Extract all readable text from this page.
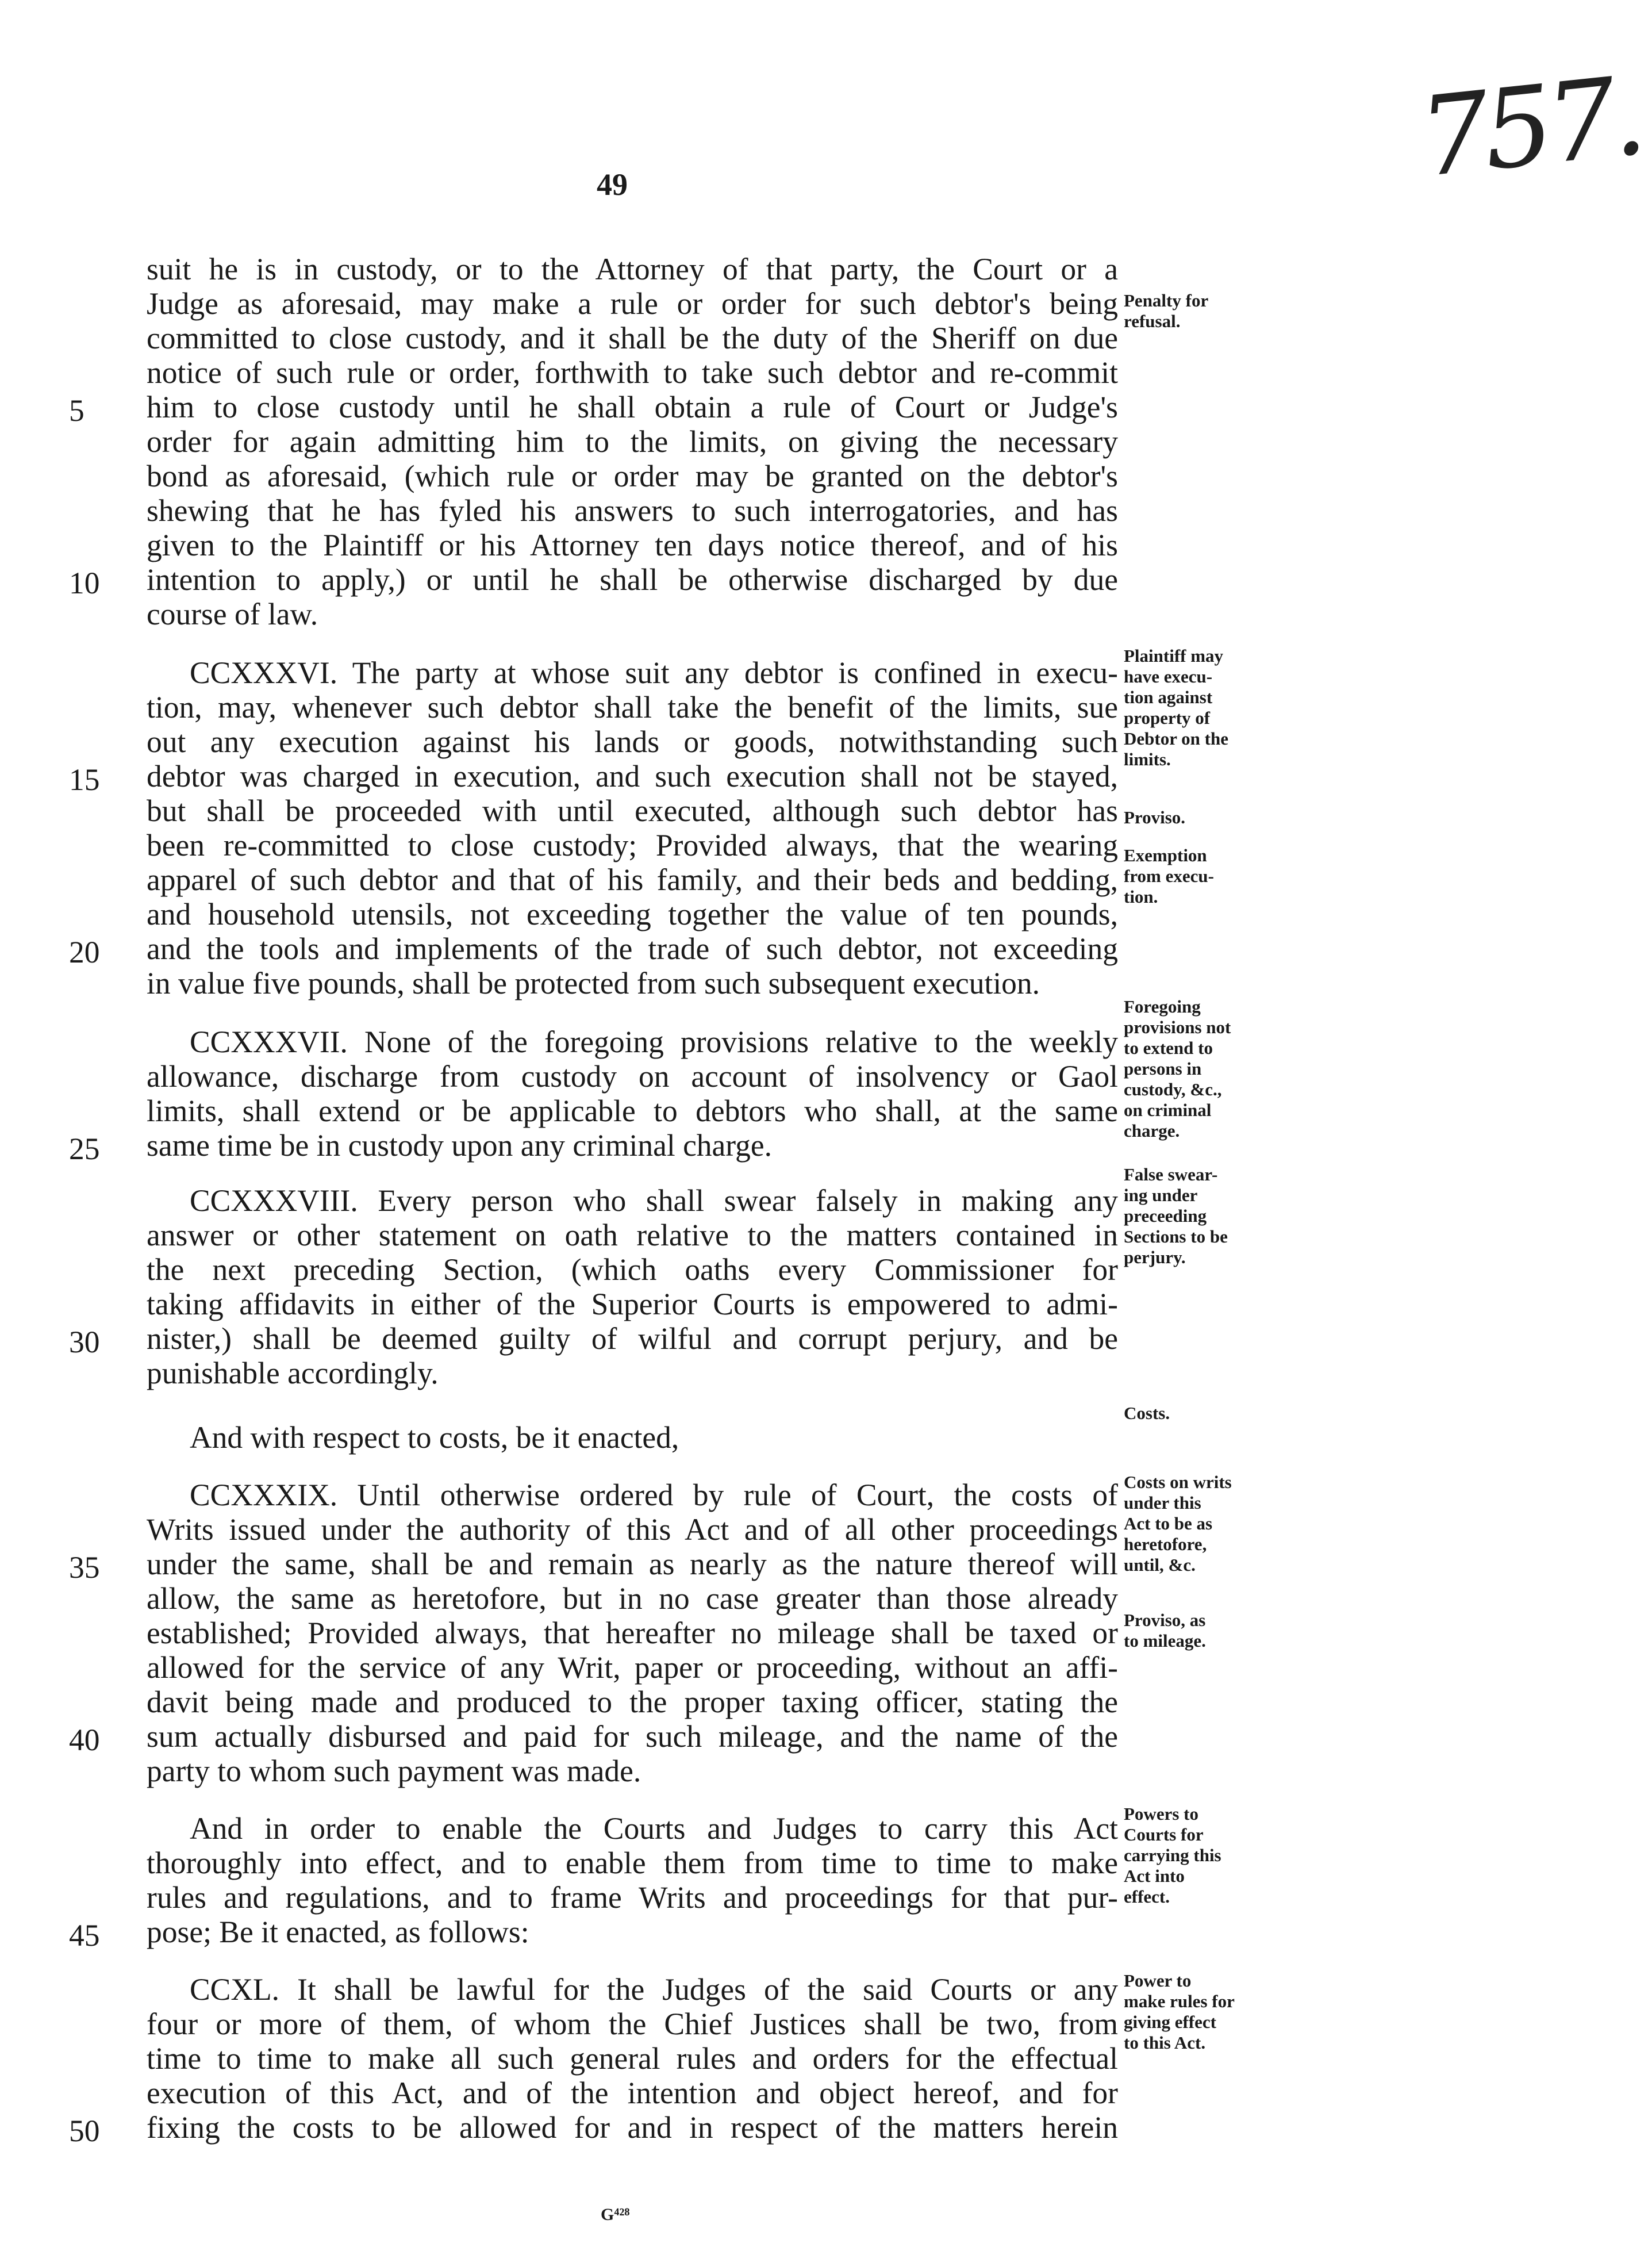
757.
49
suit he is in custody, or to the Attorney of that party, the Court or a
Judge as aforesaid, may make a rule or order for such debtor's being
committed to close custody, and it shall be the duty of the Sheriff on due
notice of such rule or order, forthwith to take such debtor and re-commit
him to close custody until he shall obtain a rule of Court or Judge's
5
order for again admitting him to the limits, on giving the necessary
bond as aforesaid, (which rule or order may be granted on the debtor's
shewing that he has fyled his answers to such interrogatories, and has
given to the Plaintiff or his Attorney ten days notice thereof, and of his
intention to apply,) or until he shall be otherwise discharged by due
10
course of law.
CCXXXVI. The party at whose suit any debtor is confined in execu-
tion, may, whenever such debtor shall take the benefit of the limits, sue
out any execution against his lands or goods, notwithstanding such
debtor was charged in execution, and such execution shall not be stayed,
15
but shall be proceeded with until executed, although such debtor has
been re-committed to close custody; Provided always, that the wearing
apparel of such debtor and that of his family, and their beds and bedding,
and household utensils, not exceeding together the value of ten pounds,
and the tools and implements of the trade of such debtor, not exceeding
20
in value five pounds, shall be protected from such subsequent execution.
CCXXXVII. None of the foregoing provisions relative to the weekly
allowance, discharge from custody on account of insolvency or Gaol
limits, shall extend or be applicable to debtors who shall, at the same
same time be in custody upon any criminal charge.
25
CCXXXVIII. Every person who shall swear falsely in making any
answer or other statement on oath relative to the matters contained in
the next preceding Section, (which oaths every Commissioner for
taking affidavits in either of the Superior Courts is empowered to admi-
nister,) shall be deemed guilty of wilful and corrupt perjury, and be
30
punishable accordingly.
And with respect to costs, be it enacted,
CCXXXIX. Until otherwise ordered by rule of Court, the costs of
Writs issued under the authority of this Act and of all other proceedings
under the same, shall be and remain as nearly as the nature thereof will
35
allow, the same as heretofore, but in no case greater than those already
established; Provided always, that hereafter no mileage shall be taxed or
allowed for the service of any Writ, paper or proceeding, without an affi-
davit being made and produced to the proper taxing officer, stating the
sum actually disbursed and paid for such mileage, and the name of the
40
party to whom such payment was made.
And in order to enable the Courts and Judges to carry this Act
thoroughly into effect, and to enable them from time to time to make
rules and regulations, and to frame Writs and proceedings for that pur-
pose; Be it enacted, as follows:
45
CCXL. It shall be lawful for the Judges of the said Courts or any
four or more of them, of whom the Chief Justices shall be two, from
time to time to make all such general rules and orders for the effectual
execution of this Act, and of the intention and object hereof, and for
fixing the costs to be allowed for and in respect of the matters herein
50
Penalty for
refusal.
Plaintiff may
have execu-
tion against
property of
Debtor on the
limits.
Proviso.
Exemption
from execu-
tion.
Foregoing
provisions not
to extend to
persons in
custody, &c.,
on criminal
charge.
False swear-
ing under
preceeding
Sections to be
perjury.
Costs.
Costs on writs
under this
Act to be as
heretofore,
until, &c.
Proviso, as
to mileage.
Powers to
Courts for
carrying this
Act into
effect.
Power to
make rules for
giving effect
to this Act.
G⁴²⁸
